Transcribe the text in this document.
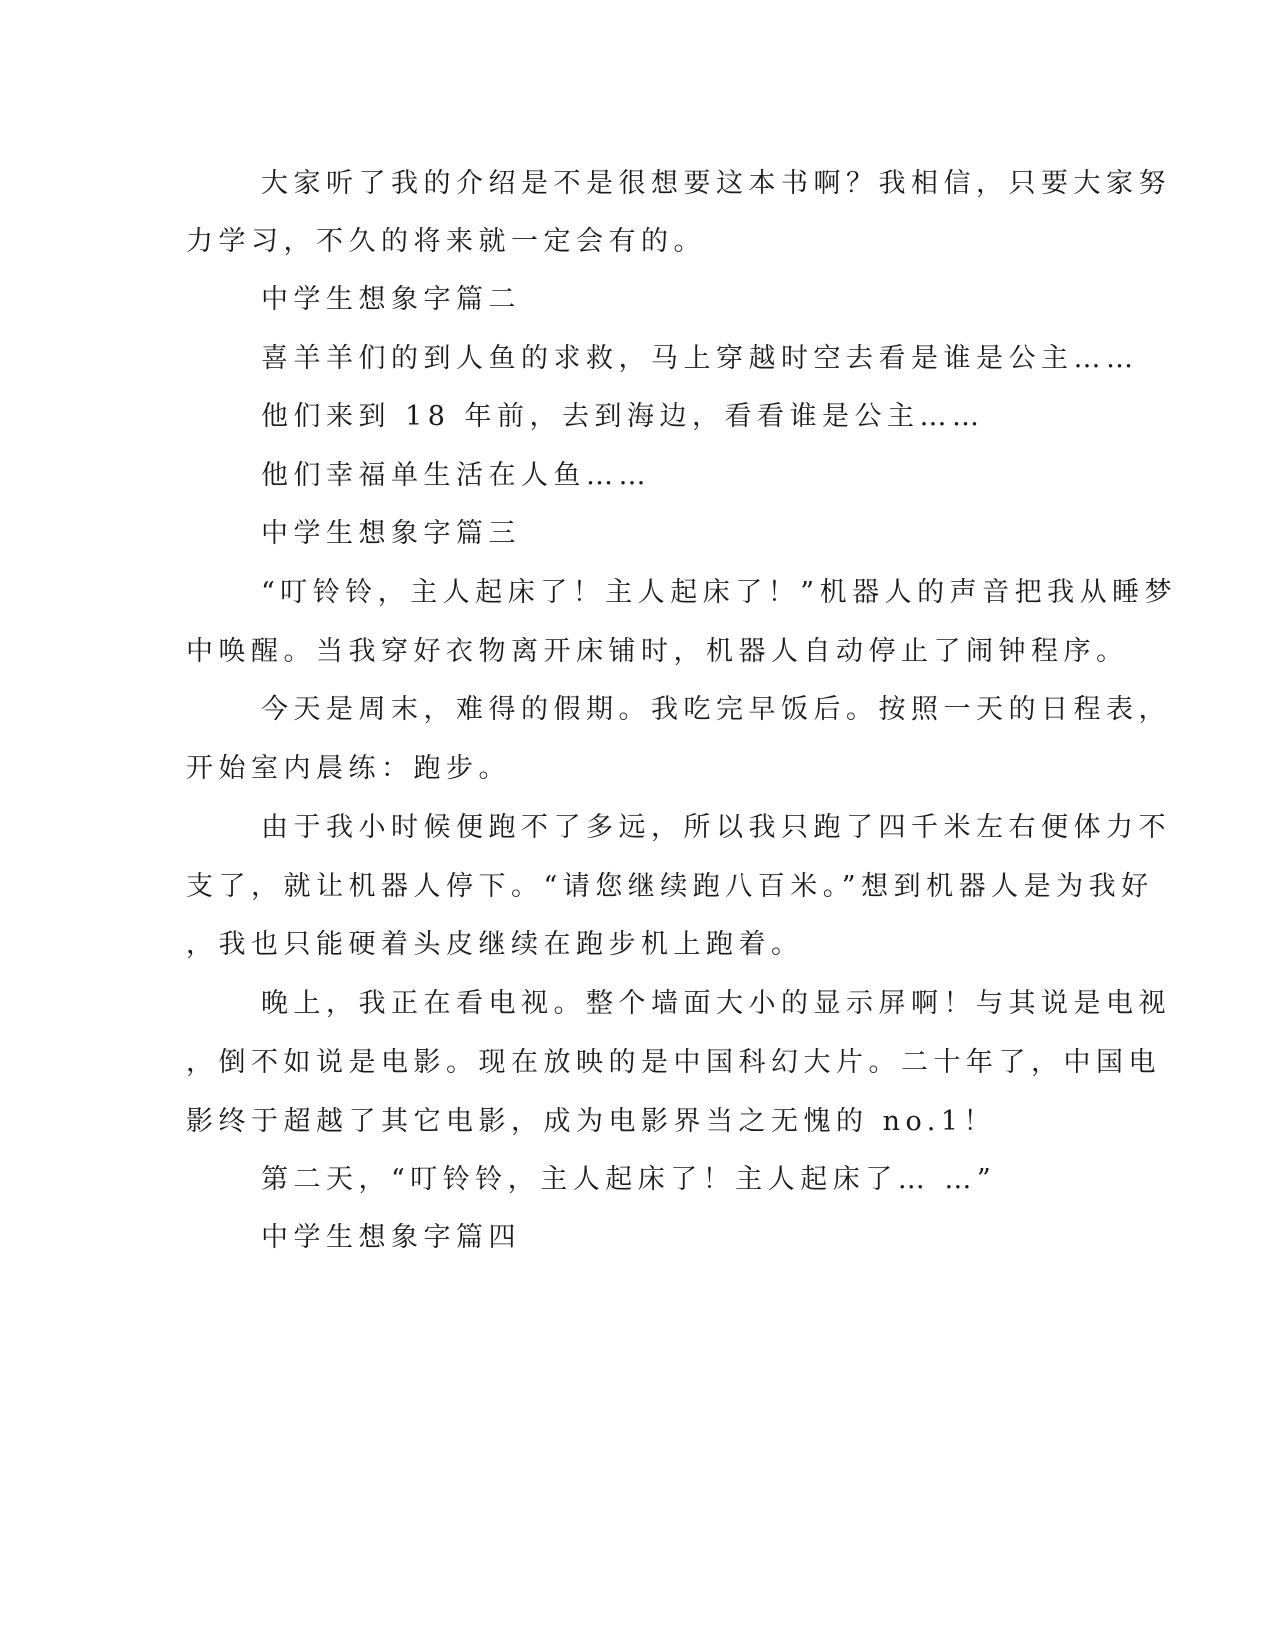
大家听了我的介绍是不是很想要这本书啊？我相信，只要大家努
力学习，不久的将来就一定会有的。
中学生想象字篇二
喜羊羊们的到人鱼的求救，马上穿越时空去看是谁是公主……
他们来到 18 年前，去到海边，看看谁是公主……
他们幸福单生活在人鱼……
中学生想象字篇三
“叮铃铃，主人起床了！主人起床了！”机器人的声音把我从睡梦
中唤醒。当我穿好衣物离开床铺时，机器人自动停止了闹钟程序。
今天是周末，难得的假期。我吃完早饭后。按照一天的日程表，
开始室内晨练：跑步。
由于我小时候便跑不了多远，所以我只跑了四千米左右便体力不
支了，就让机器人停下。“请您继续跑八百米。”想到机器人是为我好
，我也只能硬着头皮继续在跑步机上跑着。
晚上，我正在看电视。整个墙面大小的显示屏啊！与其说是电视
，倒不如说是电影。现在放映的是中国科幻大片。二十年了，中国电
影终于超越了其它电影，成为电影界当之无愧的 no.1！
第二天，“叮铃铃，主人起床了！主人起床了… …”
中学生想象字篇四
